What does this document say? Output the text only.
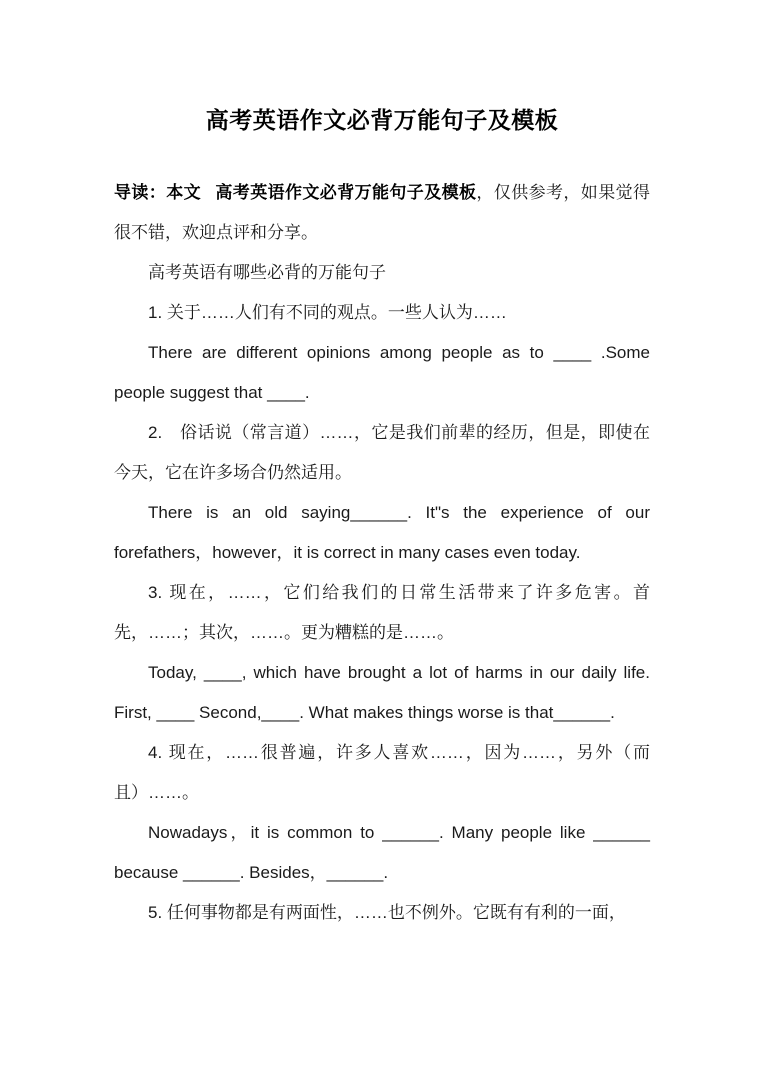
高考英语作文必背万能句子及模板

导读：本文 高考英语作文必背万能句子及模板，仅供参考，如果觉得很不错，欢迎点评和分享。

高考英语有哪些必背的万能句子

1. 关于……人们有不同的观点。一些人认为……

There are different opinions among people as to ____ .Some people suggest that ____.

2.　俗话说（常言道）……，它是我们前辈的经历，但是，即使在今天，它在许多场合仍然适用。

There is an old saying______. It"s the experience of our forefathers，however，it is correct in many cases even today.

3. 现在，……，它们给我们的日常生活带来了许多危害。首先，……；其次，……。更为糟糕的是……。

Today, ____, which have brought a lot of harms in our daily life. First, ____ Second,____. What makes things worse is that______.

4. 现在，……很普遍，许多人喜欢……，因为……，另外（而且）……。

Nowadays，it is common to ______. Many people like ______ because ______. Besides，______.

5. 任何事物都是有两面性，……也不例外。它既有有利的一面，
